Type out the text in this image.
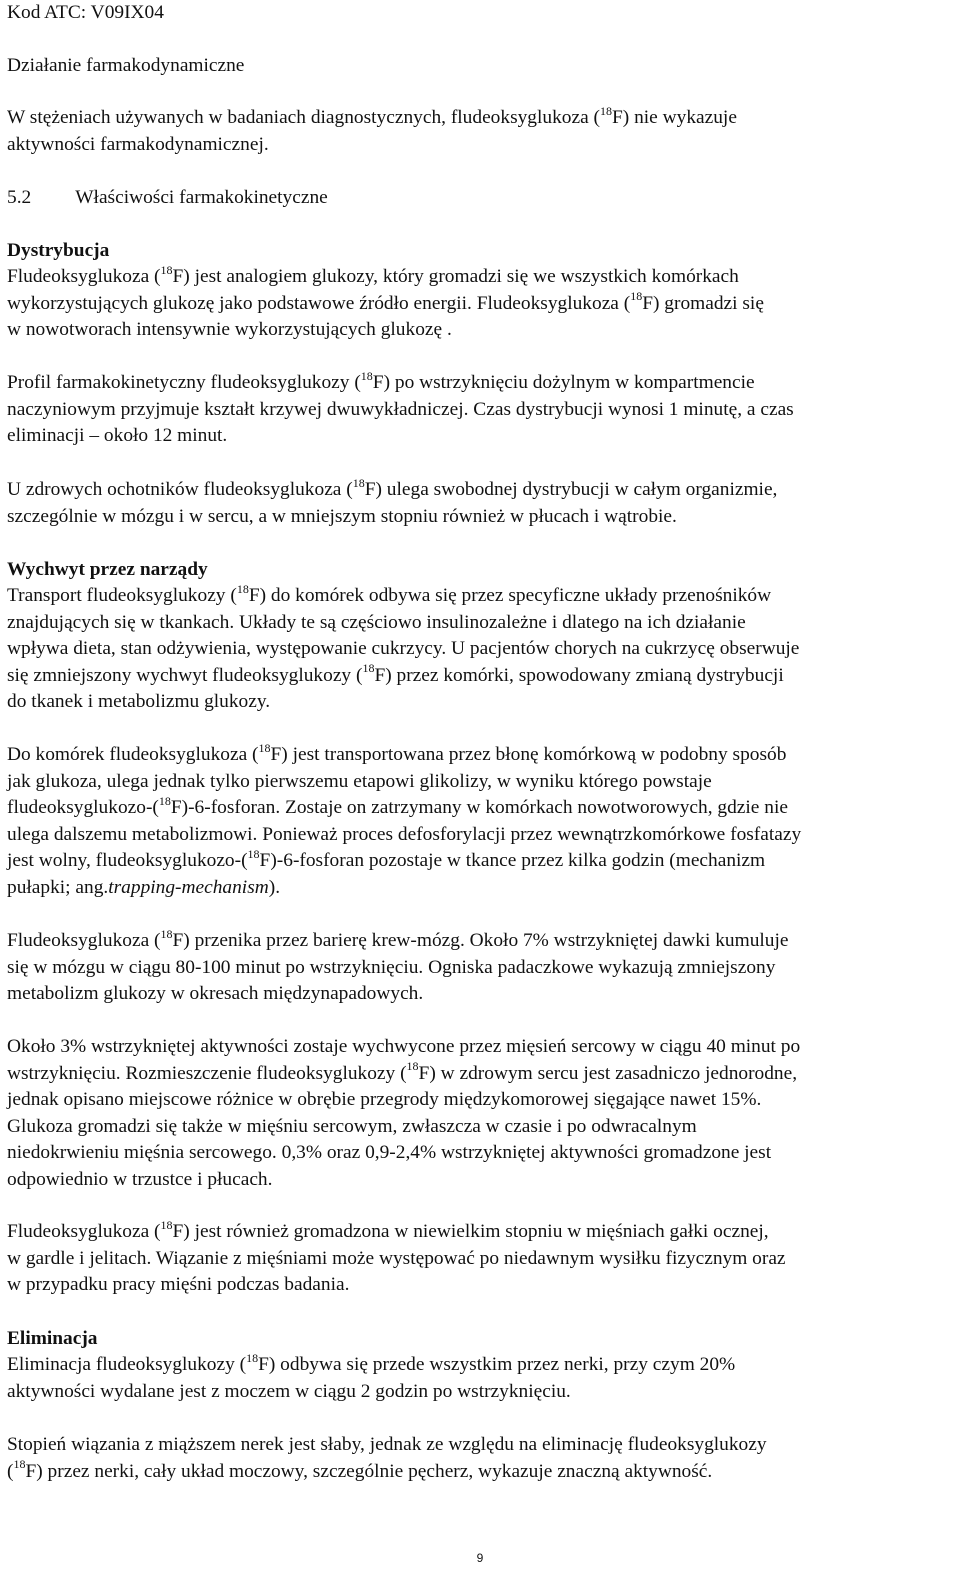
Kod ATC: V09IX04
Działanie farmakodynamiczne
W stężeniach używanych w badaniach diagnostycznych, fludeoksyglukoza ($^{18}$F) nie wykazuje
aktywności farmakodynamicznej.
5.2 Właściwości farmakokinetyczne
Dystrybucja
Fludeoksyglukoza ($^{18}$F) jest analogiem glukozy, który gromadzi się we wszystkich komórkach
wykorzystujących glukozę jako podstawowe źródło energii. Fludeoksyglukoza ($^{18}$F) gromadzi się
w nowotworach intensywnie wykorzystujących glukozę .
Profil farmakokinetyczny fludeoksyglukozy ($^{18}$F) po wstrzyknięciu dożylnym w kompartmencie
naczyniowym przyjmuje kształt krzywej dwuwykładniczej. Czas dystrybucji wynosi 1 minutę, a czas
eliminacji – około 12 minut.
U zdrowych ochotników fludeoksyglukoza ($^{18}$F) ulega swobodnej dystrybucji w całym organizmie,
szczególnie w mózgu i w sercu, a w mniejszym stopniu również w płucach i wątrobie.
Wychwyt przez narządy
Transport fludeoksyglukozy ($^{18}$F) do komórek odbywa się przez specyficzne układy przenośników
znajdujących się w tkankach. Układy te są częściowo insulinozależne i dlatego na ich działanie
wpływa dieta, stan odżywienia, występowanie cukrzycy. U pacjentów chorych na cukrzycę obserwuje
się zmniejszony wychwyt fludeoksyglukozy ($^{18}$F) przez komórki, spowodowany zmianą dystrybucji
do tkanek i metabolizmu glukozy.
Do komórek fludeoksyglukoza ($^{18}$F) jest transportowana przez błonę komórkową w podobny sposób
jak glukoza, ulega jednak tylko pierwszemu etapowi glikolizy, w wyniku którego powstaje
fludeoksyglukozo-($^{18}$F)-6-fosforan. Zostaje on zatrzymany w komórkach nowotworowych, gdzie nie
ulega dalszemu metabolizmowi. Ponieważ proces defosforylacji przez wewnątrzkomórkowe fosfatazy
jest wolny, fludeoksyglukozo-($^{18}$F)-6-fosforan pozostaje w tkance przez kilka godzin (mechanizm
pułapki; ang.trapping-mechanism).
Fludeoksyglukoza ($^{18}$F) przenika przez barierę krew-mózg. Około 7% wstrzykniętej dawki kumuluje
się w mózgu w ciągu 80-100 minut po wstrzyknięciu. Ogniska padaczkowe wykazują zmniejszony
metabolizm glukozy w okresach międzynapadowych.
Około 3% wstrzykniętej aktywności zostaje wychwycone przez mięsień sercowy w ciągu 40 minut po
wstrzyknięciu. Rozmieszczenie fludeoksyglukozy ($^{18}$F) w zdrowym sercu jest zasadniczo jednorodne,
jednak opisano miejscowe różnice w obrębie przegrody międzykomorowej sięgające nawet 15%.
Glukoza gromadzi się także w mięśniu sercowym, zwłaszcza w czasie i po odwracalnym
niedokrwieniu mięśnia sercowego. 0,3% oraz 0,9-2,4% wstrzykniętej aktywności gromadzone jest
odpowiednio w trzustce i płucach.
Fludeoksyglukoza ($^{18}$F) jest również gromadzona w niewielkim stopniu w mięśniach gałki ocznej,
w gardle i jelitach. Wiązanie z mięśniami może występować po niedawnym wysiłku fizycznym oraz
w przypadku pracy mięśni podczas badania.
Eliminacja
Eliminacja fludeoksyglukozy ($^{18}$F) odbywa się przede wszystkim przez nerki, przy czym 20%
aktywności wydalane jest z moczem w ciągu 2 godzin po wstrzyknięciu.
Stopień wiązania z miąższem nerek jest słaby, jednak ze względu na eliminację fludeoksyglukozy
($^{18}$F) przez nerki, cały układ moczowy, szczególnie pęcherz, wykazuje znaczną aktywność.
9
